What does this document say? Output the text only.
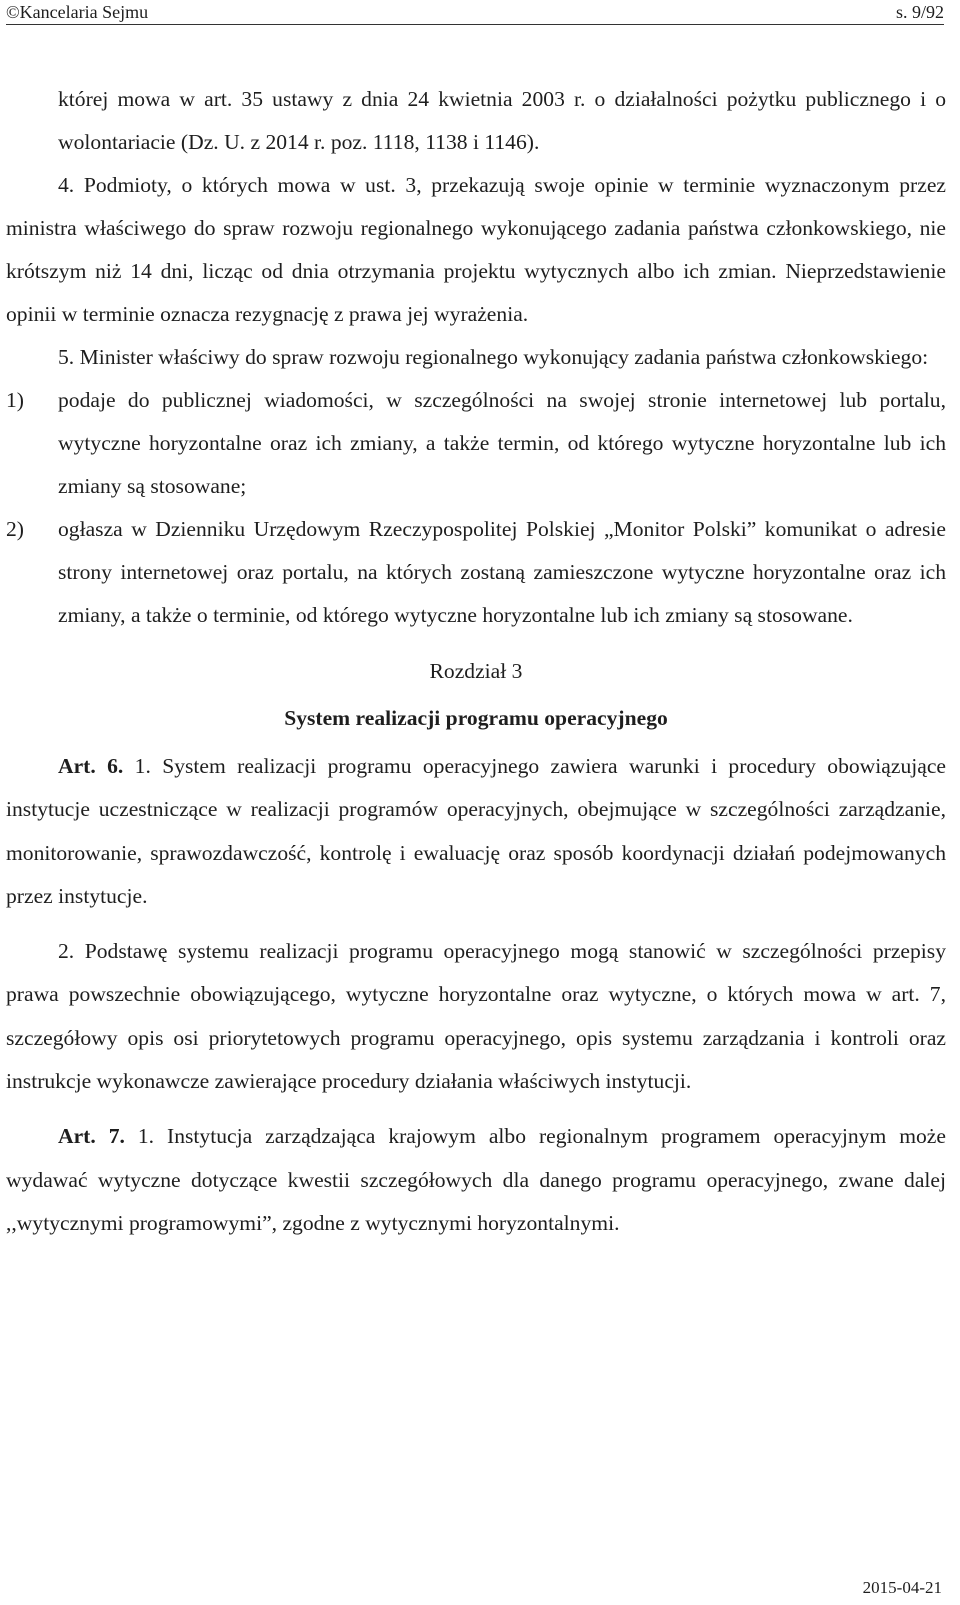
©Kancelaria Sejmu	s. 9/92
której mowa w art. 35 ustawy z dnia 24 kwietnia 2003 r. o działalności pożytku publicznego i o wolontariacie (Dz. U. z 2014 r. poz. 1118, 1138 i 1146).
4. Podmioty, o których mowa w ust. 3, przekazują swoje opinie w terminie wyznaczonym przez ministra właściwego do spraw rozwoju regionalnego wykonującego zadania państwa członkowskiego, nie krótszym niż 14 dni, licząc od dnia otrzymania projektu wytycznych albo ich zmian. Nieprzedstawienie opinii w terminie oznacza rezygnację z prawa jej wyrażenia.
5. Minister właściwy do spraw rozwoju regionalnego wykonujący zadania państwa członkowskiego:
1) podaje do publicznej wiadomości, w szczególności na swojej stronie internetowej lub portalu, wytyczne horyzontalne oraz ich zmiany, a także termin, od którego wytyczne horyzontalne lub ich zmiany są stosowane;
2) ogłasza w Dzienniku Urzędowym Rzeczypospolitej Polskiej „Monitor Polski” komunikat o adresie strony internetowej oraz portalu, na których zostaną zamieszczone wytyczne horyzontalne oraz ich zmiany, a także o terminie, od którego wytyczne horyzontalne lub ich zmiany są stosowane.
Rozdział 3
System realizacji programu operacyjnego
Art. 6. 1. System realizacji programu operacyjnego zawiera warunki i procedury obowiązujące instytucje uczestniczące w realizacji programów operacyjnych, obejmujące w szczególności zarządzanie, monitorowanie, sprawozdawczość, kontrolę i ewaluację oraz sposób koordynacji działań podejmowanych przez instytucje.
2. Podstawę systemu realizacji programu operacyjnego mogą stanowić w szczególności przepisy prawa powszechnie obowiązującego, wytyczne horyzontalne oraz wytyczne, o których mowa w art. 7, szczegółowy opis osi priorytetowych programu operacyjnego, opis systemu zarządzania i kontroli oraz instrukcje wykonawcze zawierające procedury działania właściwych instytucji.
Art. 7. 1. Instytucja zarządzająca krajowym albo regionalnym programem operacyjnym może wydawać wytyczne dotyczące kwestii szczegółowych dla danego programu operacyjnego, zwane dalej ,,wytycznymi programowymi”, zgodne z wytycznymi horyzontalnymi.
2015-04-21
